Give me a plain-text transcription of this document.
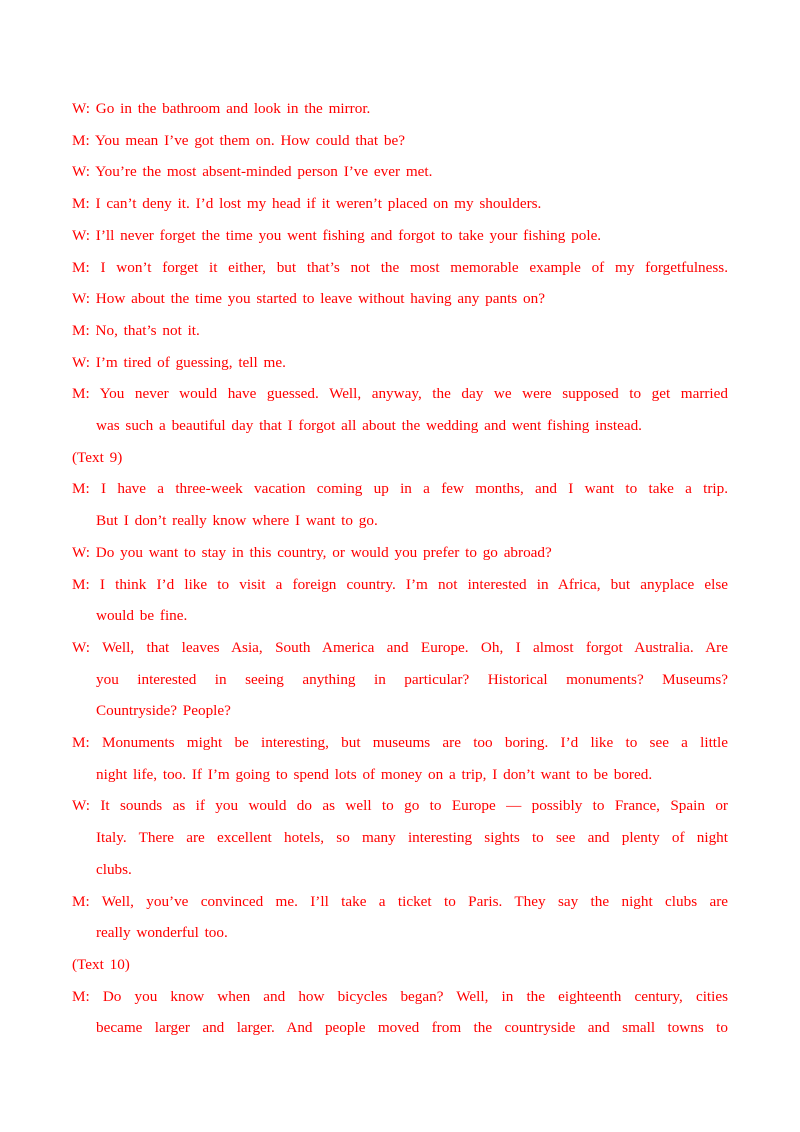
W: Go in the bathroom and look in the mirror.
M: You mean I’ve got them on. How could that be?
W: You’re the most absent-minded person I’ve ever met.
M: I can’t deny it. I’d lost my head if it weren’t placed on my shoulders.
W: I’ll never forget the time you went fishing and forgot to take your fishing pole.
M: I won’t forget it either, but that’s not the most memorable example of my forgetfulness.
W: How about the time you started to leave without having any pants on?
M: No, that’s not it.
W: I’m tired of guessing, tell me.
M: You never would have guessed. Well, anyway, the day we were supposed to get married
was such a beautiful day that I forgot all about the wedding and went fishing instead.
(Text 9)
M: I have a three-week vacation coming up in a few months, and I want to take a trip.
But I don’t really know where I want to go.
W: Do you want to stay in this country, or would you prefer to go abroad?
M: I think I’d like to visit a foreign country. I’m not interested in Africa, but anyplace else
would be fine.
W: Well, that leaves Asia, South America and Europe. Oh, I almost forgot Australia. Are
you interested in seeing anything in particular? Historical monuments? Museums?
Countryside? People?
M: Monuments might be interesting, but museums are too boring. I’d like to see a little
night life, too. If I’m going to spend lots of money on a trip, I don’t want to be bored.
W: It sounds as if you would do as well to go to Europe — possibly to France, Spain or
Italy. There are excellent hotels, so many interesting sights to see and plenty of night
clubs.
M: Well, you’ve convinced me. I’ll take a ticket to Paris. They say the night clubs are
really wonderful too.
(Text 10)
M: Do you know when and how bicycles began? Well, in the eighteenth century, cities
became larger and larger. And people moved from the countryside and small towns to
